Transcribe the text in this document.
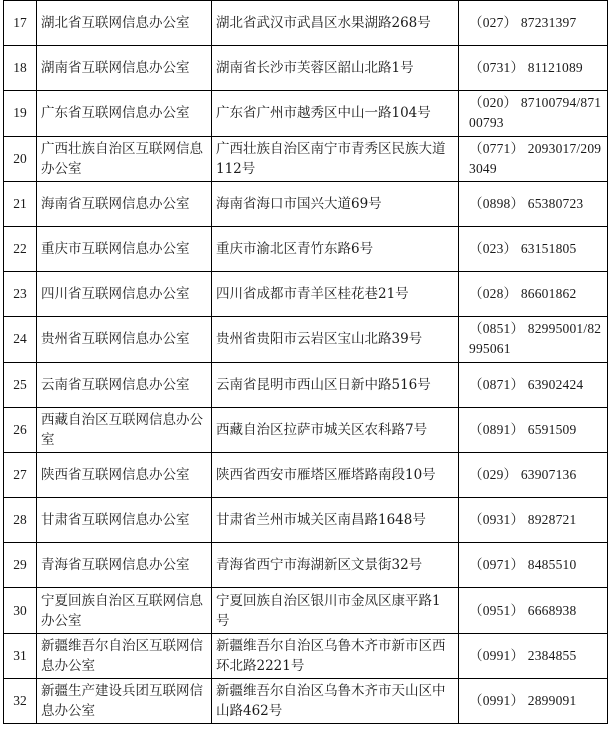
17	湖北省互联网信息办公室	湖北省武汉市武昌区水果湖路268号	（027） 87231397
18	湖南省互联网信息办公室	湖南省长沙市芙蓉区韶山北路1号	（0731） 81121089
19	广东省互联网信息办公室	广东省广州市越秀区中山一路104号	（020） 87100794/87100793
20	广西壮族自治区互联网信息办公室	广西壮族自治区南宁市青秀区民族大道112号	（0771） 2093017/2093049
21	海南省互联网信息办公室	海南省海口市国兴大道69号	（0898） 65380723
22	重庆市互联网信息办公室	重庆市渝北区青竹东路6号	（023） 63151805
23	四川省互联网信息办公室	四川省成都市青羊区桂花巷21号	（028） 86601862
24	贵州省互联网信息办公室	贵州省贵阳市云岩区宝山北路39号	（0851） 82995001/82995061
25	云南省互联网信息办公室	云南省昆明市西山区日新中路516号	（0871） 63902424
26	西藏自治区互联网信息办公室	西藏自治区拉萨市城关区农科路7号	（0891） 6591509
27	陕西省互联网信息办公室	陕西省西安市雁塔区雁塔路南段10号	（029） 63907136
28	甘肃省互联网信息办公室	甘肃省兰州市城关区南昌路1648号	（0931） 8928721
29	青海省互联网信息办公室	青海省西宁市海湖新区文景街32号	（0971） 8485510
30	宁夏回族自治区互联网信息办公室	宁夏回族自治区银川市金凤区康平路1号	（0951） 6668938
31	新疆维吾尔自治区互联网信息办公室	新疆维吾尔自治区乌鲁木齐市新市区西环北路2221号	（0991） 2384855
32	新疆生产建设兵团互联网信息办公室	新疆维吾尔自治区乌鲁木齐市天山区中山路462号	（0991） 2899091
